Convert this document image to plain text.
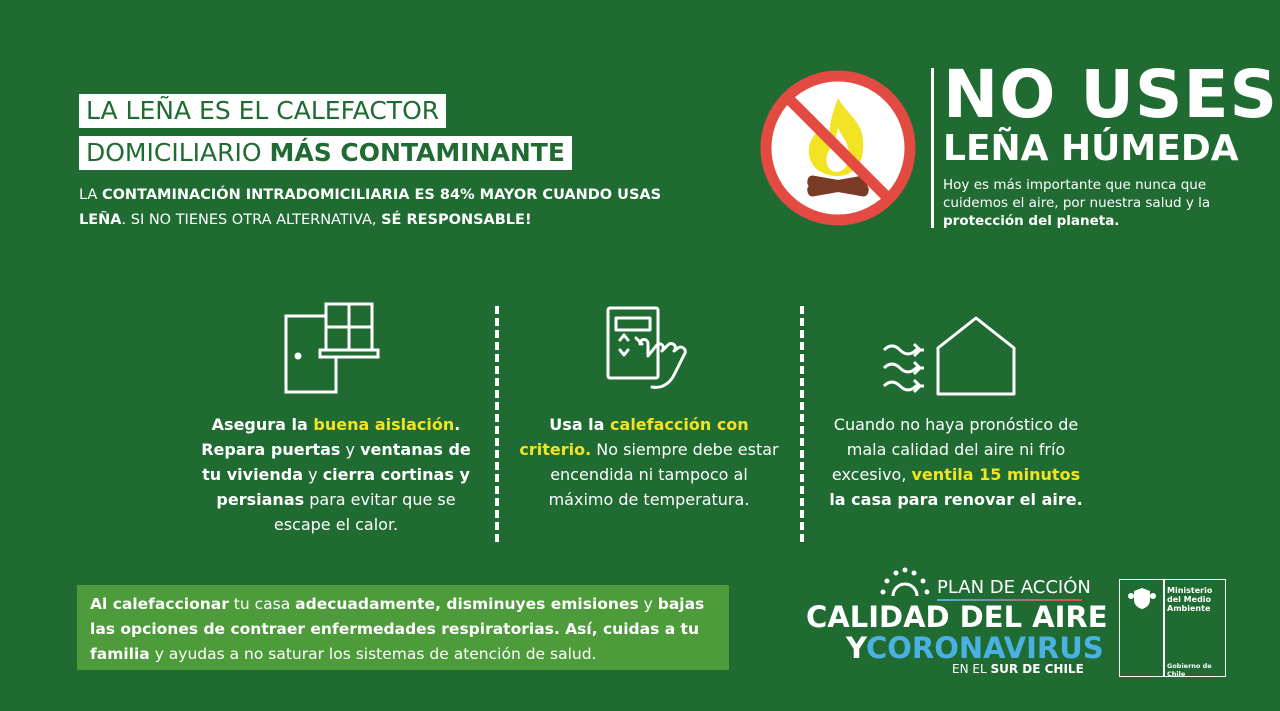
LA LEÑA ES EL CALEFACTOR
DOMICILIARIO MÁS CONTAMINANTE
LA CONTAMINACIÓN INTRADOMICILIARIA ES 84% MAYOR CUANDO USAS LEÑA. SI NO TIENES OTRA ALTERNATIVA, SÉ RESPONSABLE!
NO USES
LEÑA HÚMEDA
Hoy es más importante que nunca que cuidemos el aire, por nuestra salud y la protección del planeta.
Asegura la buena aislación. Repara puertas y ventanas de tu vivienda y cierra cortinas y persianas para evitar que se escape el calor.
Usa la calefacción con criterio. No siempre debe estar encendida ni tampoco al máximo de temperatura.
Cuando no haya pronóstico de mala calidad del aire ni frío excesivo, ventila 15 minutos la casa para renovar el aire.
Al calefaccionar tu casa adecuadamente, disminuyes emisiones y bajas las opciones de contraer enfermedades respiratorias. Así, cuidas a tu familia y ayudas a no saturar los sistemas de atención de salud.
PLAN DE ACCIÓN
CALIDAD DEL AIRE
YCORONAVIRUS
EN EL SUR DE CHILE
Ministerio del Medio Ambiente
Gobierno de Chile
